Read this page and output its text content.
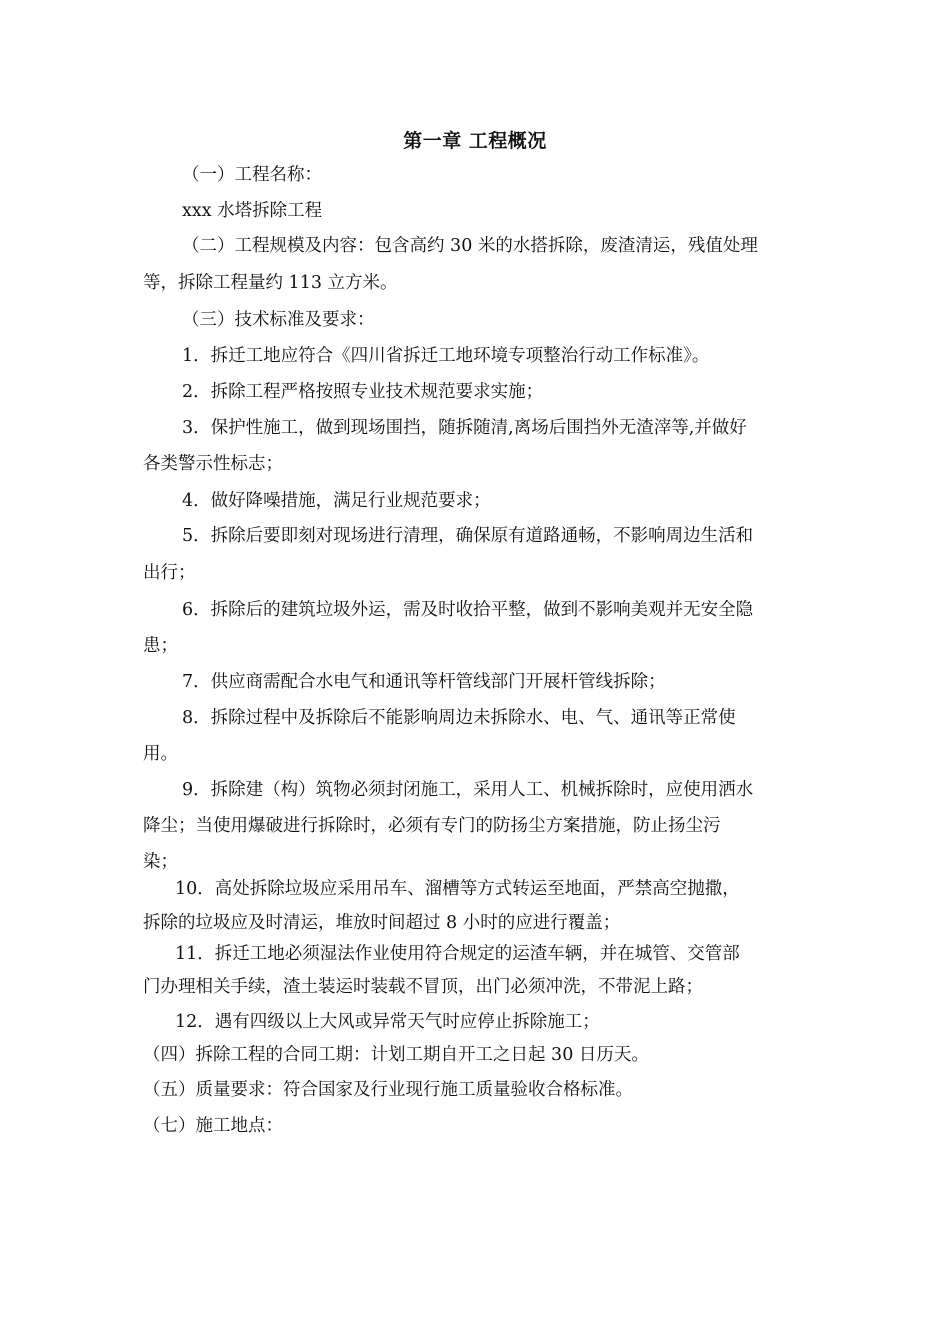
第一章 工程概况
（一）工程名称：
xxx 水塔拆除工程
（二）工程规模及内容：包含高约 30 米的水搭拆除，废渣清运，残值处理
等，拆除工程量约 113 立方米。
（三）技术标准及要求：
1．拆迁工地应符合《四川省拆迁工地环境专项整治行动工作标准》。
2．拆除工程严格按照专业技术规范要求实施；
3．保护性施工，做到现场围挡，随拆随清,离场后围挡外无渣滓等,并做好
各类警示性标志；
4．做好降噪措施，满足行业规范要求；
5．拆除后要即刻对现场进行清理，确保原有道路通畅，不影响周边生活和
出行；
6．拆除后的建筑垃圾外运，需及时收拾平整，做到不影响美观并无安全隐
患；
7．供应商需配合水电气和通讯等杆管线部门开展杆管线拆除；
8．拆除过程中及拆除后不能影响周边未拆除水、电、气、通讯等正常使
用。
9．拆除建（构）筑物必须封闭施工，采用人工、机械拆除时，应使用洒水
降尘；当使用爆破进行拆除时，必须有专门的防扬尘方案措施，防止扬尘污
染；
10．高处拆除垃圾应采用吊车、溜槽等方式转运至地面，严禁高空抛撒，
拆除的垃圾应及时清运，堆放时间超过 8 小时的应进行覆盖；
11．拆迁工地必须湿法作业使用符合规定的运渣车辆，并在城管、交管部
门办理相关手续，渣土装运时装载不冒顶，出门必须冲洗，不带泥上路；
12．遇有四级以上大风或异常天气时应停止拆除施工；
（四）拆除工程的合同工期：计划工期自开工之日起 30 日历天。
（五）质量要求：符合国家及行业现行施工质量验收合格标准。
（七）施工地点：
